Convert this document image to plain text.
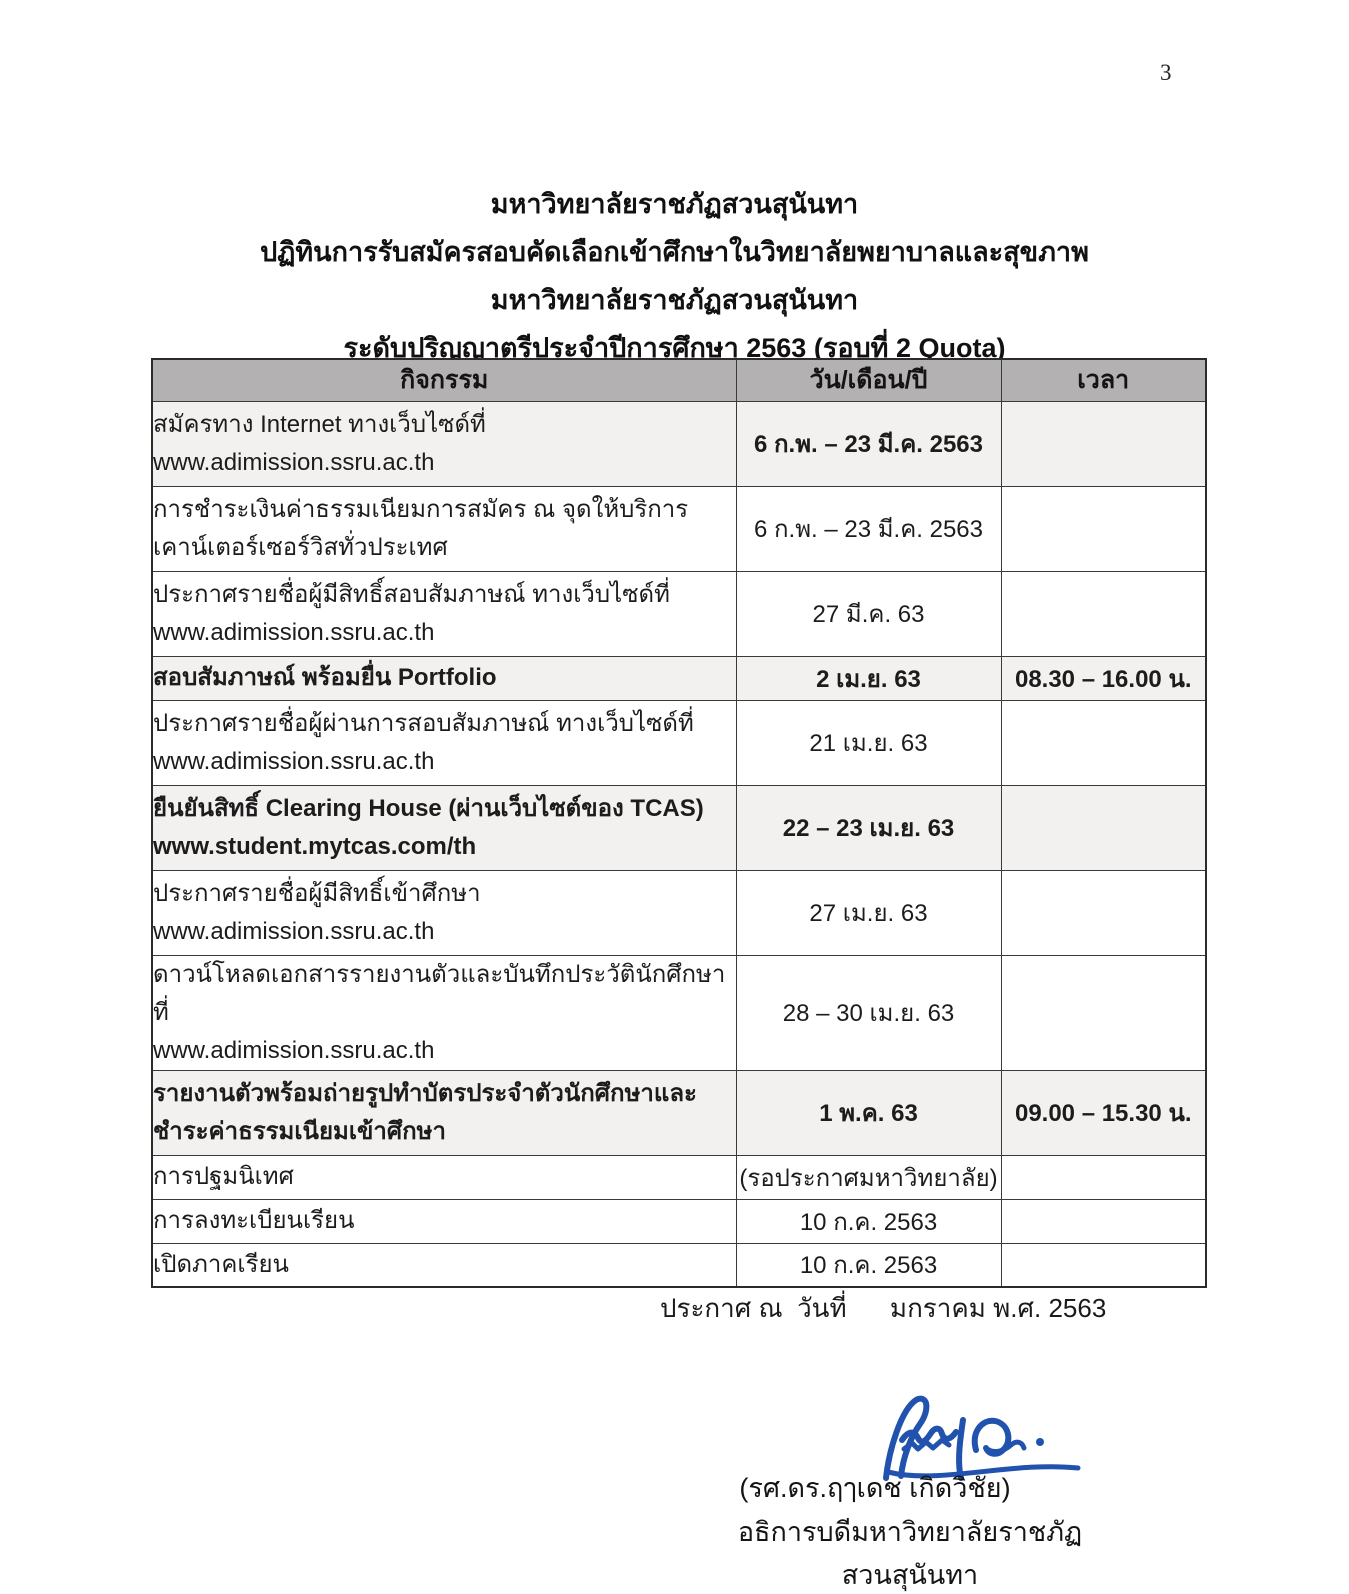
3
มหาวิทยาลัยราชภัฏสวนสุนันทา
ปฏิทินการรับสมัครสอบคัดเลือกเข้าศึกษาในวิทยาลัยพยาบาลและสุขภาพ
มหาวิทยาลัยราชภัฏสวนสุนันทา
ระดับปริญญาตรีประจำปีการศึกษา 2563 (รอบที่ 2 Quota)
กิจกรรม	วัน/เดือน/ปี	เวลา

สมัครทาง Internet ทางเว็บไซด์ที่
www.adimission.ssru.ac.th	6 ก.พ. – 23 มี.ค. 2563	

การชำระเงินค่าธรรมเนียมการสมัคร ณ จุดให้บริการ
เคาน์เตอร์เซอร์วิสทั่วประเทศ	6 ก.พ. – 23 มี.ค. 2563	

ประกาศรายชื่อผู้มีสิทธิ์สอบสัมภาษณ์ ทางเว็บไซด์ที่
www.adimission.ssru.ac.th	27 มี.ค. 63	

สอบสัมภาษณ์ พร้อมยื่น Portfolio	2 เม.ย. 63	08.30 – 16.00 น.

ประกาศรายชื่อผู้ผ่านการสอบสัมภาษณ์ ทางเว็บไซด์ที่
www.adimission.ssru.ac.th	21 เม.ย. 63	

ยืนยันสิทธิ์ Clearing House (ผ่านเว็บไซต์ของ TCAS)
www.student.mytcas.com/th	22 – 23 เม.ย. 63	

ประกาศรายชื่อผู้มีสิทธิ์เข้าศึกษา
www.adimission.ssru.ac.th	27 เม.ย. 63	

ดาวน์โหลดเอกสารรายงานตัวและบันทึกประวัตินักศึกษา ที่
www.adimission.ssru.ac.th	28 – 30 เม.ย. 63	

รายงานตัวพร้อมถ่ายรูปทำบัตรประจำตัวนักศึกษาและ
ชำระค่าธรรมเนียมเข้าศึกษา	1 พ.ค. 63	09.00 – 15.30 น.

การปฐมนิเทศ	(รอประกาศมหาวิทยาลัย)	

การลงทะเบียนเรียน	10 ก.ค. 2563	

เปิดภาคเรียน	10 ก.ค. 2563	
ประกาศ ณ  วันที่      มกราคม พ.ศ. 2563
(รศ.ดร.ฤๅเดช เกิดวิชัย)
อธิการบดีมหาวิทยาลัยราชภัฏสวนสุนันทา
